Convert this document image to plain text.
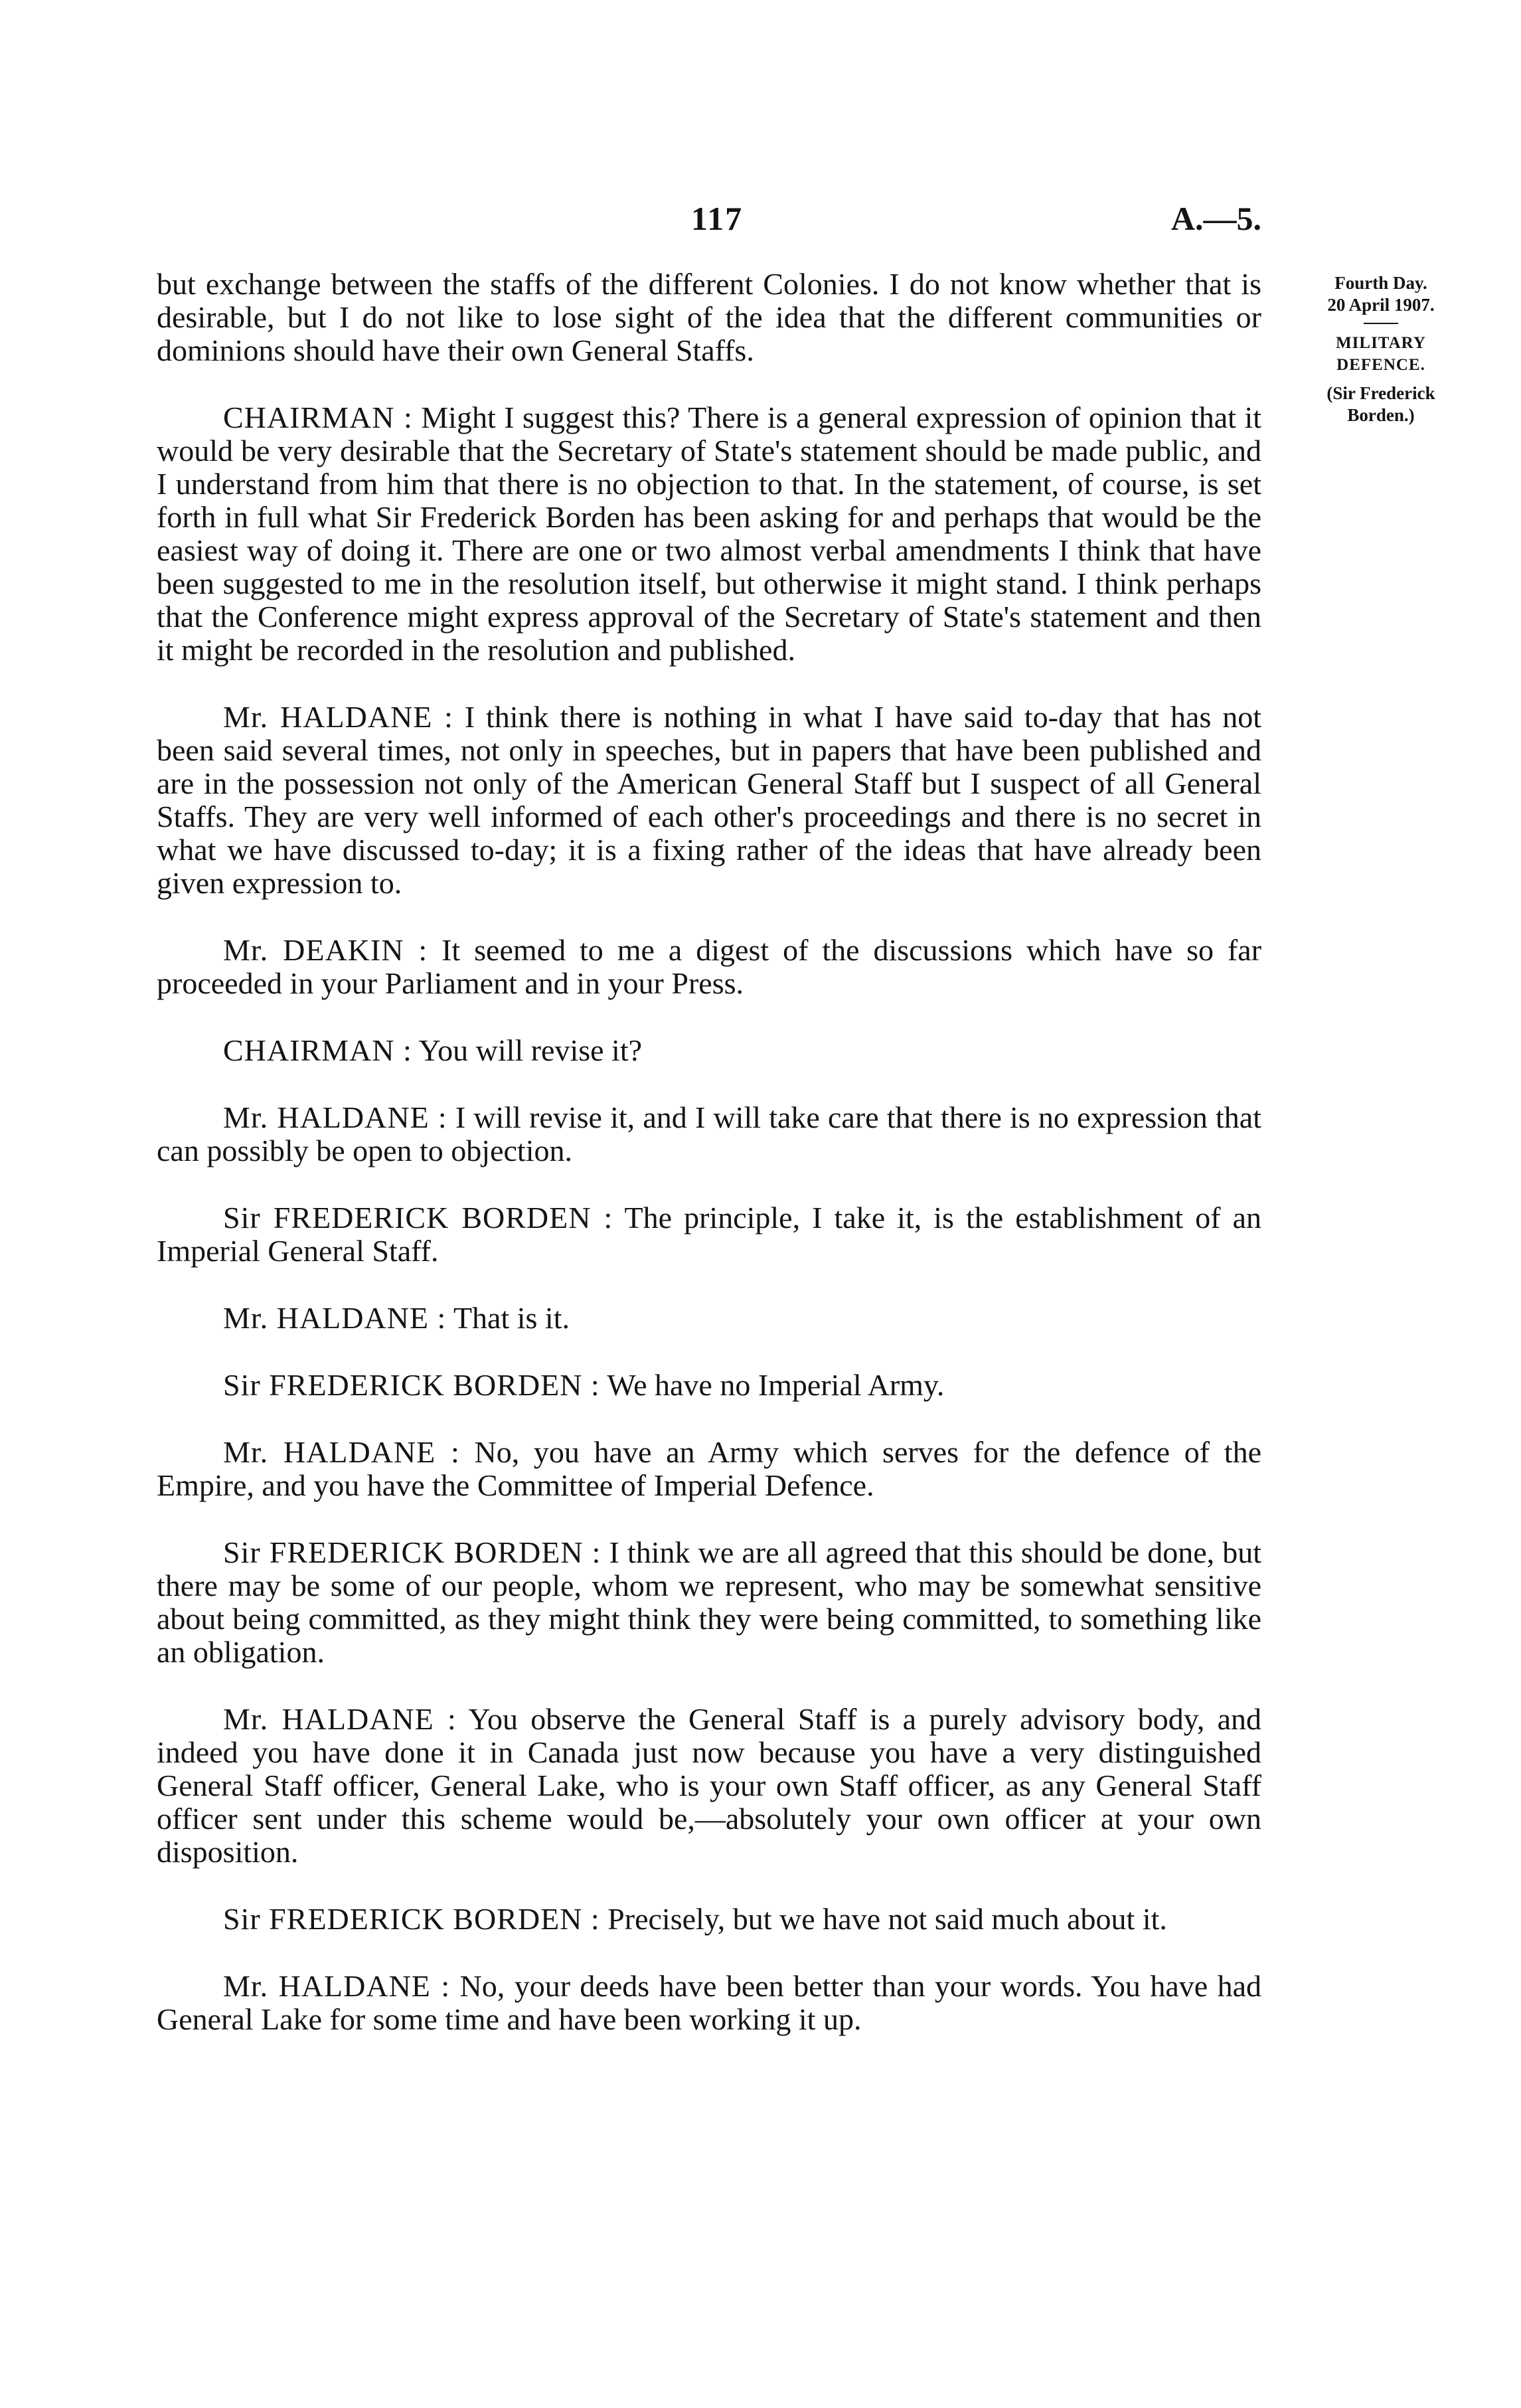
117	A.—5.
Fourth Day.
20 April 1907.
MILITARY DEFENCE.
(Sir Frederick Borden.)

but exchange between the staffs of the different Colonies. I do not know whether that is desirable, but I do not like to lose sight of the idea that the different communities or dominions should have their own General Staffs.

CHAIRMAN : Might I suggest this? There is a general expression of opinion that it would be very desirable that the Secretary of State's statement should be made public, and I understand from him that there is no objection to that. In the statement, of course, is set forth in full what Sir Frederick Borden has been asking for and perhaps that would be the easiest way of doing it. There are one or two almost verbal amendments I think that have been suggested to me in the resolution itself, but otherwise it might stand. I think perhaps that the Conference might express approval of the Secretary of State's statement and then it might be recorded in the resolution and published.

Mr. HALDANE : I think there is nothing in what I have said to-day that has not been said several times, not only in speeches, but in papers that have been published and are in the possession not only of the American General Staff but I suspect of all General Staffs. They are very well informed of each other's proceedings and there is no secret in what we have discussed to-day; it is a fixing rather of the ideas that have already been given expression to.

Mr. DEAKIN : It seemed to me a digest of the discussions which have so far proceeded in your Parliament and in your Press.

CHAIRMAN : You will revise it?

Mr. HALDANE : I will revise it, and I will take care that there is no expression that can possibly be open to objection.

Sir FREDERICK BORDEN : The principle, I take it, is the establishment of an Imperial General Staff.

Mr. HALDANE : That is it.

Sir FREDERICK BORDEN : We have no Imperial Army.

Mr. HALDANE : No, you have an Army which serves for the defence of the Empire, and you have the Committee of Imperial Defence.

Sir FREDERICK BORDEN : I think we are all agreed that this should be done, but there may be some of our people, whom we represent, who may be somewhat sensitive about being committed, as they might think they were being committed, to something like an obligation.

Mr. HALDANE : You observe the General Staff is a purely advisory body, and indeed you have done it in Canada just now because you have a very distinguished General Staff officer, General Lake, who is your own Staff officer, as any General Staff officer sent under this scheme would be,—absolutely your own officer at your own disposition.

Sir FREDERICK BORDEN : Precisely, but we have not said much about it.

Mr. HALDANE : No, your deeds have been better than your words. You have had General Lake for some time and have been working it up.
